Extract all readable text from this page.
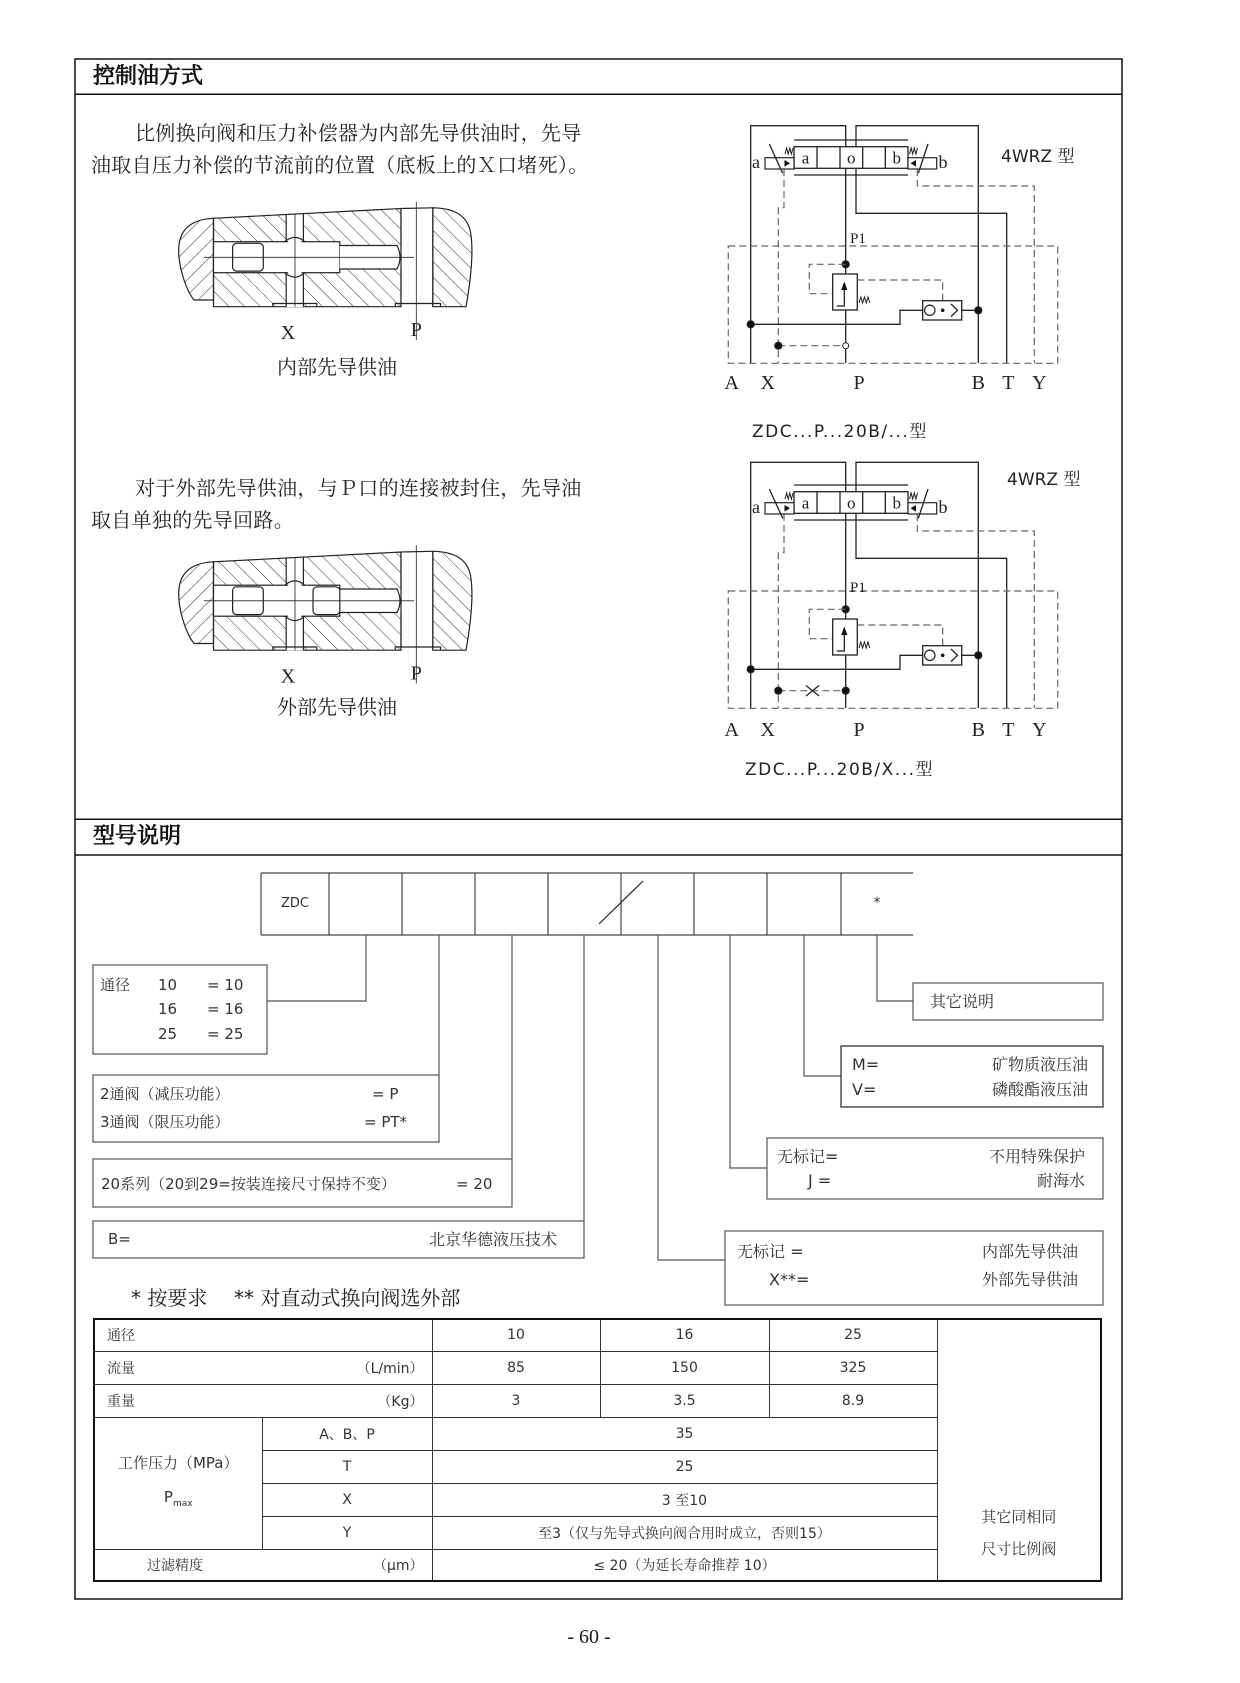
X	P
内部先导供油
X	P
外部先导供油
a o b
a	b
P1
A X	P	B T Y
4WRZ 型
ZDC...P...20B/...型
a o b
a	b
P1
A X	P	B T Y
4WRZ 型
ZDC...P...20B/X...型
控制油方式
比例换向阀和压力补偿器为内部先导供油时，先导
油取自压力补偿的节流前的位置（底板上的Ｘ口堵死）。
对于外部先导供油，与Ｐ口的连接被封住，先导油
取自单独的先导回路。
型号说明
ZDC	*
通径 10 = 10
16 = 16
25 = 25
2通阀（减压功能）	= P
3通阀（限压功能）	= PT*
20系列（20到29=按装连接尺寸保持不变）	= 20
B=	北京华德液压技术
其它说明
M=	矿物质液压油
V=	磷酸酯液压油
无标记=	不用特殊保护
J =	耐海水
无标记 =	内部先导供油
X**=	外部先导供油
* 按要求 ** 对直动式换向阀选外部
通径		10	16	25	其它同相同
尺寸比例阀

流量 （L/min）		85	150	325	

重量 （Kg）		3	3.5	8.9	

工作压力（MPa）
$P_{max}$	A、B、P	35			
	T	25			
	X	3 至10			
	Y	至3（仅与先导式换向阀合用时成立，否则15）			

过滤精度 （μm）		≤ 20（为延长寿命推荐 10）			
- 60 -
